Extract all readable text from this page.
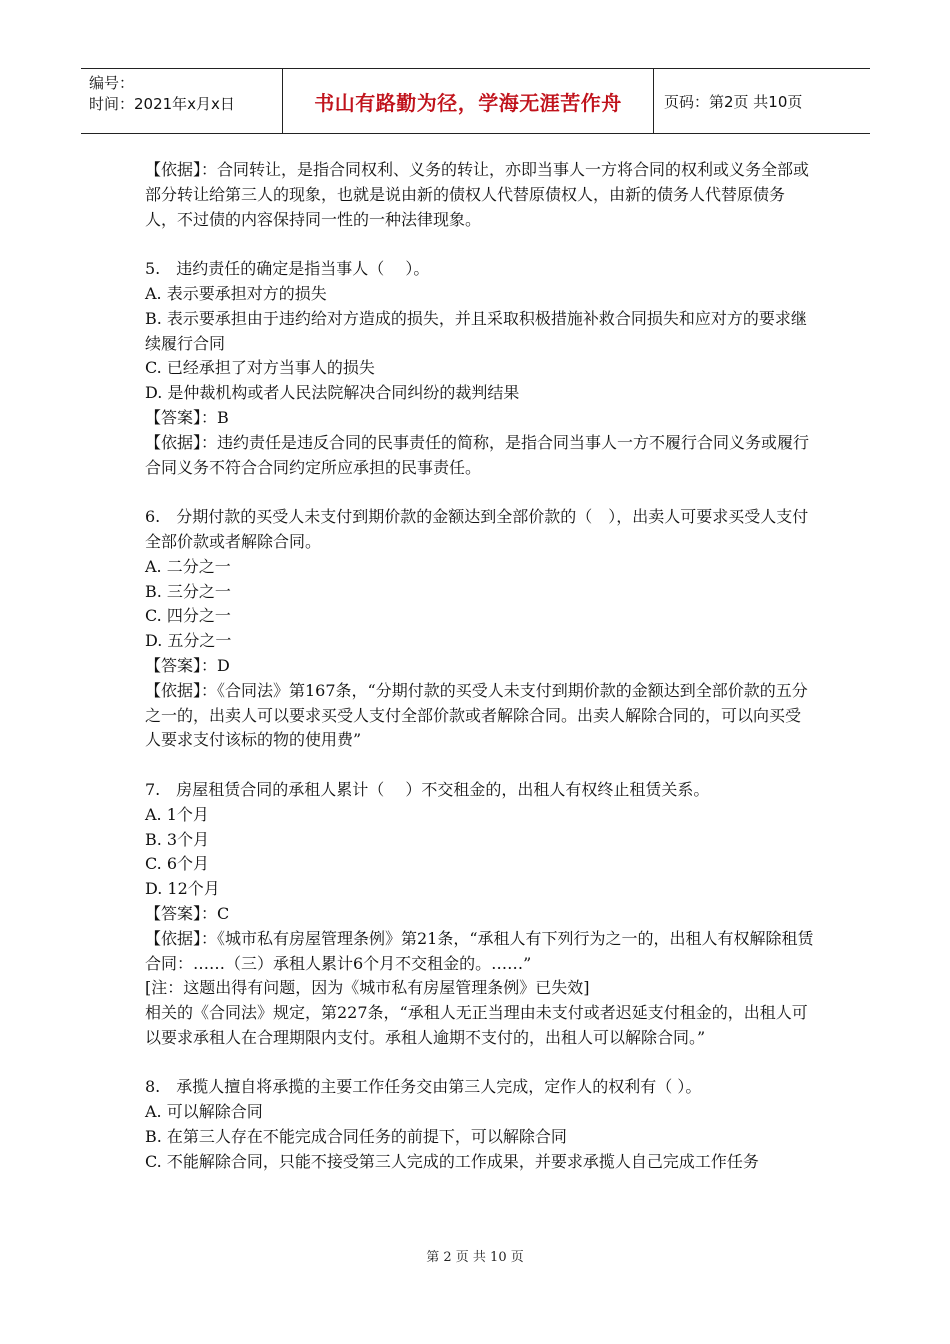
编号：
时间：2021年x月x日	书山有路勤为径，学海无涯苦作舟	页码：第2页 共10页

【依据】：合同转让，是指合同权利、义务的转让，亦即当事人一方将合同的权利或义务全部或部分转让给第三人的现象，也就是说由新的债权人代替原债权人，由新的债务人代替原债务人，不过债的内容保持同一性的一种法律现象。

5.　违约责任的确定是指当事人（　 ）。

A. 表示要承担对方的损失

B. 表示要承担由于违约给对方造成的损失，并且采取积极措施补救合同损失和应对方的要求继续履行合同

C. 已经承担了对方当事人的损失

D. 是仲裁机构或者人民法院解决合同纠纷的裁判结果

【答案】：B

【依据】：违约责任是违反合同的民事责任的简称，是指合同当事人一方不履行合同义务或履行合同义务不符合合同约定所应承担的民事责任。

6.　分期付款的买受人未支付到期价款的金额达到全部价款的（　），出卖人可要求买受人支付全部价款或者解除合同。

A. 二分之一

B. 三分之一

C. 四分之一

D. 五分之一

【答案】：D

【依据】：《合同法》第167条，“分期付款的买受人未支付到期价款的金额达到全部价款的五分之一的，出卖人可以要求买受人支付全部价款或者解除合同。出卖人解除合同的，可以向买受人要求支付该标的物的使用费”

7.　房屋租赁合同的承租人累计（　 ）不交租金的，出租人有权终止租赁关系。

A. 1个月

B. 3个月

C. 6个月

D. 12个月

【答案】：C

【依据】：《城市私有房屋管理条例》第21条，“承租人有下列行为之一的，出租人有权解除租赁合同：……（三）承租人累计6个月不交租金的。……”

[注：这题出得有问题，因为《城市私有房屋管理条例》已失效]

相关的《合同法》规定，第227条，“承租人无正当理由未支付或者迟延支付租金的，出租人可以要求承租人在合理期限内支付。承租人逾期不支付的，出租人可以解除合同。”

8.　承揽人擅自将承揽的主要工作任务交由第三人完成，定作人的权利有（ ）。

A. 可以解除合同

B. 在第三人存在不能完成合同任务的前提下，可以解除合同

C. 不能解除合同，只能不接受第三人完成的工作成果，并要求承揽人自己完成工作任务

第 2 页 共 10 页
